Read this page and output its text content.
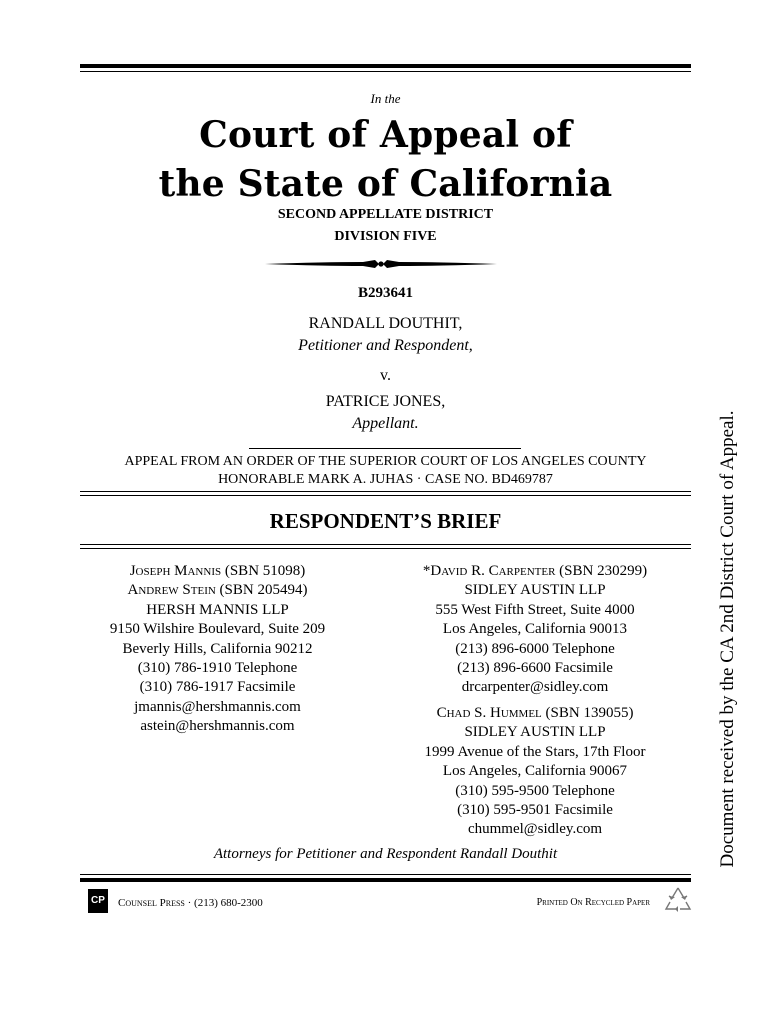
In the
Court of Appeal of
the State of California
SECOND APPELLATE DISTRICT
DIVISION FIVE
B293641
RANDALL DOUTHIT,
Petitioner and Respondent,
v.
PATRICE JONES,
Appellant.
APPEAL FROM AN ORDER OF THE SUPERIOR COURT OF LOS ANGELES COUNTY
HONORABLE MARK A. JUHAS · CASE NO. BD469787
RESPONDENT’S BRIEF
Joseph Mannis (SBN 51098)
Andrew Stein (SBN 205494)
HERSH MANNIS LLP
9150 Wilshire Boulevard, Suite 209
Beverly Hills, California 90212
(310) 786-1910 Telephone
(310) 786-1917 Facsimile
jmannis@hershmannis.com
astein@hershmannis.com
*David R. Carpenter (SBN 230299)
SIDLEY AUSTIN LLP
555 West Fifth Street, Suite 4000
Los Angeles, California 90013
(213) 896-6000 Telephone
(213) 896-6600 Facsimile
drcarpenter@sidley.com
Chad S. Hummel (SBN 139055)
SIDLEY AUSTIN LLP
1999 Avenue of the Stars, 17th Floor
Los Angeles, California 90067
(310) 595-9500 Telephone
(310) 595-9501 Facsimile
chummel@sidley.com
Attorneys for Petitioner and Respondent Randall Douthit
CP Counsel Press · (213) 680-2300	Printed On Recycled Paper
Document received by the CA 2nd District Court of Appeal.
